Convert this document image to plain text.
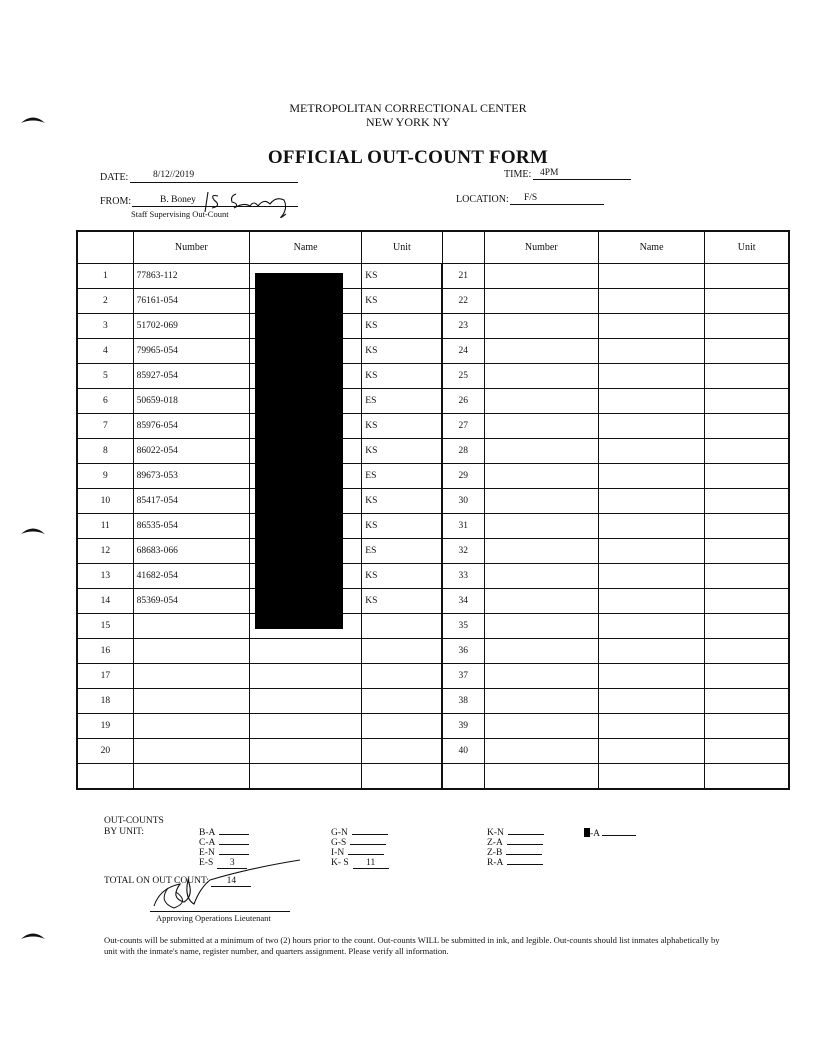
METROPOLITAN CORRECTIONAL CENTER
NEW YORK NY
OFFICIAL OUT-COUNT FORM
DATE:	8/12//2019	TIME: 4PM
FROM:	B. Boney
Staff Supervising Out-Count
LOCATION: F/S
	Number	Name	Unit		Number	Name	Unit
1	77863-112		KS	21			
2	76161-054		KS	22			
3	51702-069		KS	23			
4	79965-054		KS	24			
5	85927-054		KS	25			
6	50659-018		ES	26			
7	85976-054		KS	27			
8	86022-054		KS	28			
9	89673-053		ES	29			
10	85417-054		KS	30			
11	86535-054		KS	31			
12	68683-066		ES	32			
13	41682-054		KS	33			
14	85369-054		KS	34			
15				35			
16				36			
17				37			
18				38			
19				39			
20				40			

OUT-COUNTS
BY UNIT:	B-A
C-A
E-N
E-S 3
G-N
G-S
I-N
K- S 11
K-N
Z-A
Z-B
R-A
-A
TOTAL ON OUT COUNT: 14
Approving Operations Lieutenant
Out-counts will be submitted at a minimum of two (2) hours prior to the count. Out-counts WILL be submitted in ink, and legible. Out-counts should list inmates alphabetically by unit with the inmate's name, register number, and quarters assignment. Please verify all information.
